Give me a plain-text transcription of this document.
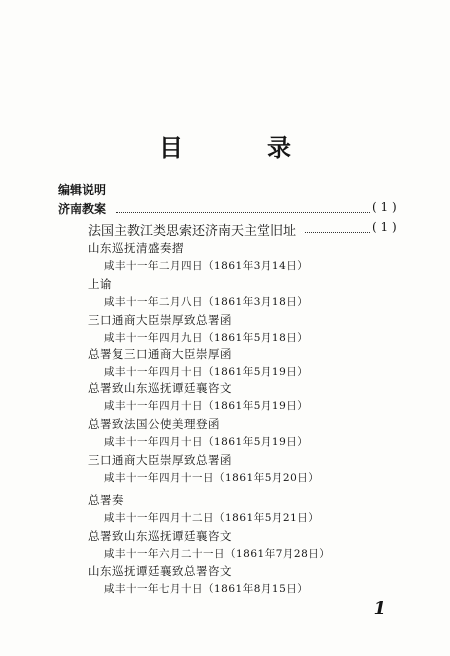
目　录
编辑说明
济南教案	( 1 )
法国主教江类思索还济南天主堂旧址	( 1 )
山东巡抚清盛奏摺
咸丰十一年二月四日（1861年3月14日）
上谕
咸丰十一年二月八日（1861年3月18日）
三口通商大臣崇厚致总署函
咸丰十一年四月九日（1861年5月18日）
总署复三口通商大臣崇厚函
咸丰十一年四月十日（1861年5月19日）
总署致山东巡抚谭廷襄咨文
咸丰十一年四月十日（1861年5月19日）
总署致法国公使美理登函
咸丰十一年四月十日（1861年5月19日）
三口通商大臣崇厚致总署函
咸丰十一年四月十一日（1861年5月20日）
总署奏
咸丰十一年四月十二日（1861年5月21日）
总署致山东巡抚谭廷襄咨文
咸丰十一年六月二十一日（1861年7月28日）
山东巡抚谭廷襄致总署咨文
咸丰十一年七月十日（1861年8月15日）
1
